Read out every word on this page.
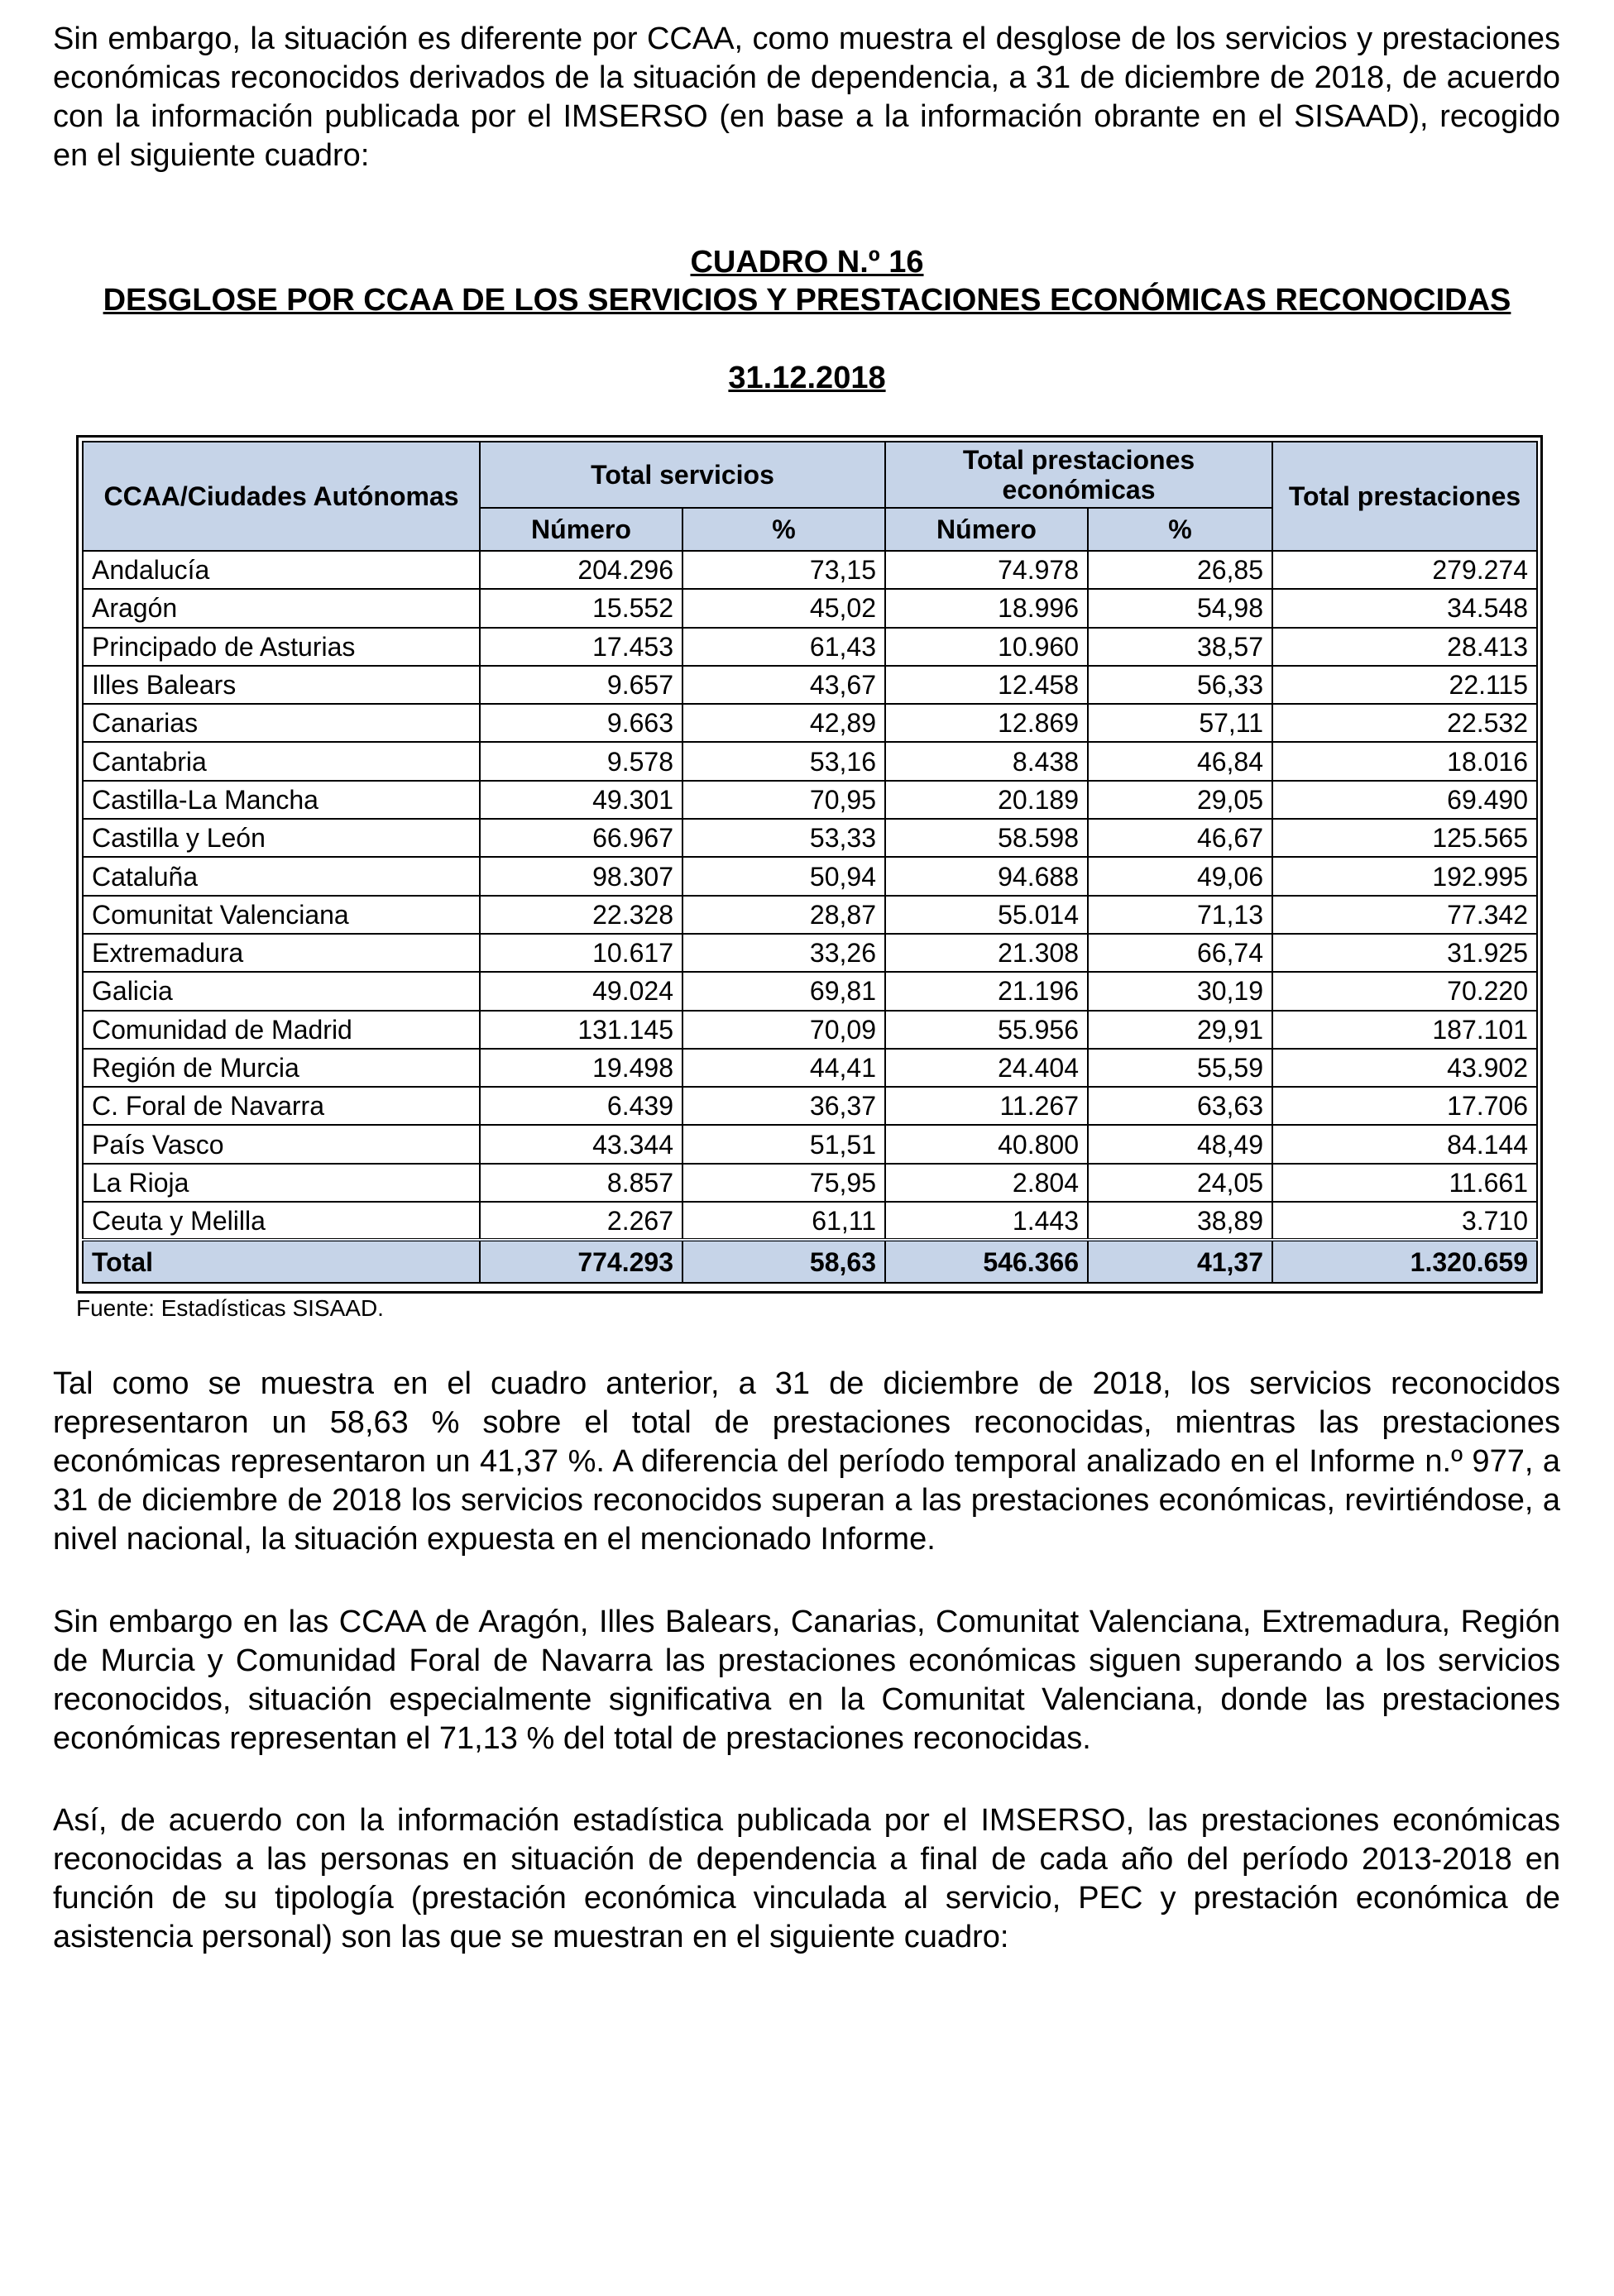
Sin embargo, la situación es diferente por CCAA, como muestra el desglose de los servicios y prestaciones económicas reconocidos derivados de la situación de dependencia, a 31 de diciembre de 2018, de acuerdo con la información publicada por el IMSERSO (en base a la información obrante en el SISAAD), recogido en el siguiente cuadro:

CUADRO N.º 16
DESGLOSE POR CCAA DE LOS SERVICIOS Y PRESTACIONES ECONÓMICAS RECONOCIDAS
31.12.2018
CCAA/Ciudades Autónomas	Total servicios		Total prestaciones económicas		Total prestaciones
	Número	%	Número	%	
Andalucía	204.296	73,15	74.978	26,85	279.274
Aragón	15.552	45,02	18.996	54,98	34.548
Principado de Asturias	17.453	61,43	10.960	38,57	28.413
Illes Balears	9.657	43,67	12.458	56,33	22.115
Canarias	9.663	42,89	12.869	57,11	22.532
Cantabria	9.578	53,16	8.438	46,84	18.016
Castilla-La Mancha	49.301	70,95	20.189	29,05	69.490
Castilla y León	66.967	53,33	58.598	46,67	125.565
Cataluña	98.307	50,94	94.688	49,06	192.995
Comunitat Valenciana	22.328	28,87	55.014	71,13	77.342
Extremadura	10.617	33,26	21.308	66,74	31.925
Galicia	49.024	69,81	21.196	30,19	70.220
Comunidad de Madrid	131.145	70,09	55.956	29,91	187.101
Región de Murcia	19.498	44,41	24.404	55,59	43.902
C. Foral de Navarra	6.439	36,37	11.267	63,63	17.706
País Vasco	43.344	51,51	40.800	48,49	84.144
La Rioja	8.857	75,95	2.804	24,05	11.661
Ceuta y Melilla	2.267	61,11	1.443	38,89	3.710
Total	774.293	58,63	546.366	41,37	1.320.659
Fuente: Estadísticas SISAAD.

Tal como se muestra en el cuadro anterior, a 31 de diciembre de 2018, los servicios reconocidos representaron un 58,63 % sobre el total de prestaciones reconocidas, mientras las prestaciones económicas representaron un 41,37 %. A diferencia del período temporal analizado en el Informe n.º 977, a 31 de diciembre de 2018 los servicios reconocidos superan a las prestaciones económicas, revirtiéndose, a nivel nacional, la situación expuesta en el mencionado Informe.

Sin embargo en las CCAA de Aragón, Illes Balears, Canarias, Comunitat Valenciana, Extremadura, Región de Murcia y Comunidad Foral de Navarra las prestaciones económicas siguen superando a los servicios reconocidos, situación especialmente significativa en la Comunitat Valenciana, donde las prestaciones económicas representan el 71,13 % del total de prestaciones reconocidas.

Así, de acuerdo con la información estadística publicada por el IMSERSO, las prestaciones económicas reconocidas a las personas en situación de dependencia a final de cada año del período 2013-2018 en función de su tipología (prestación económica vinculada al servicio, PEC y prestación económica de asistencia personal) son las que se muestran en el siguiente cuadro:
